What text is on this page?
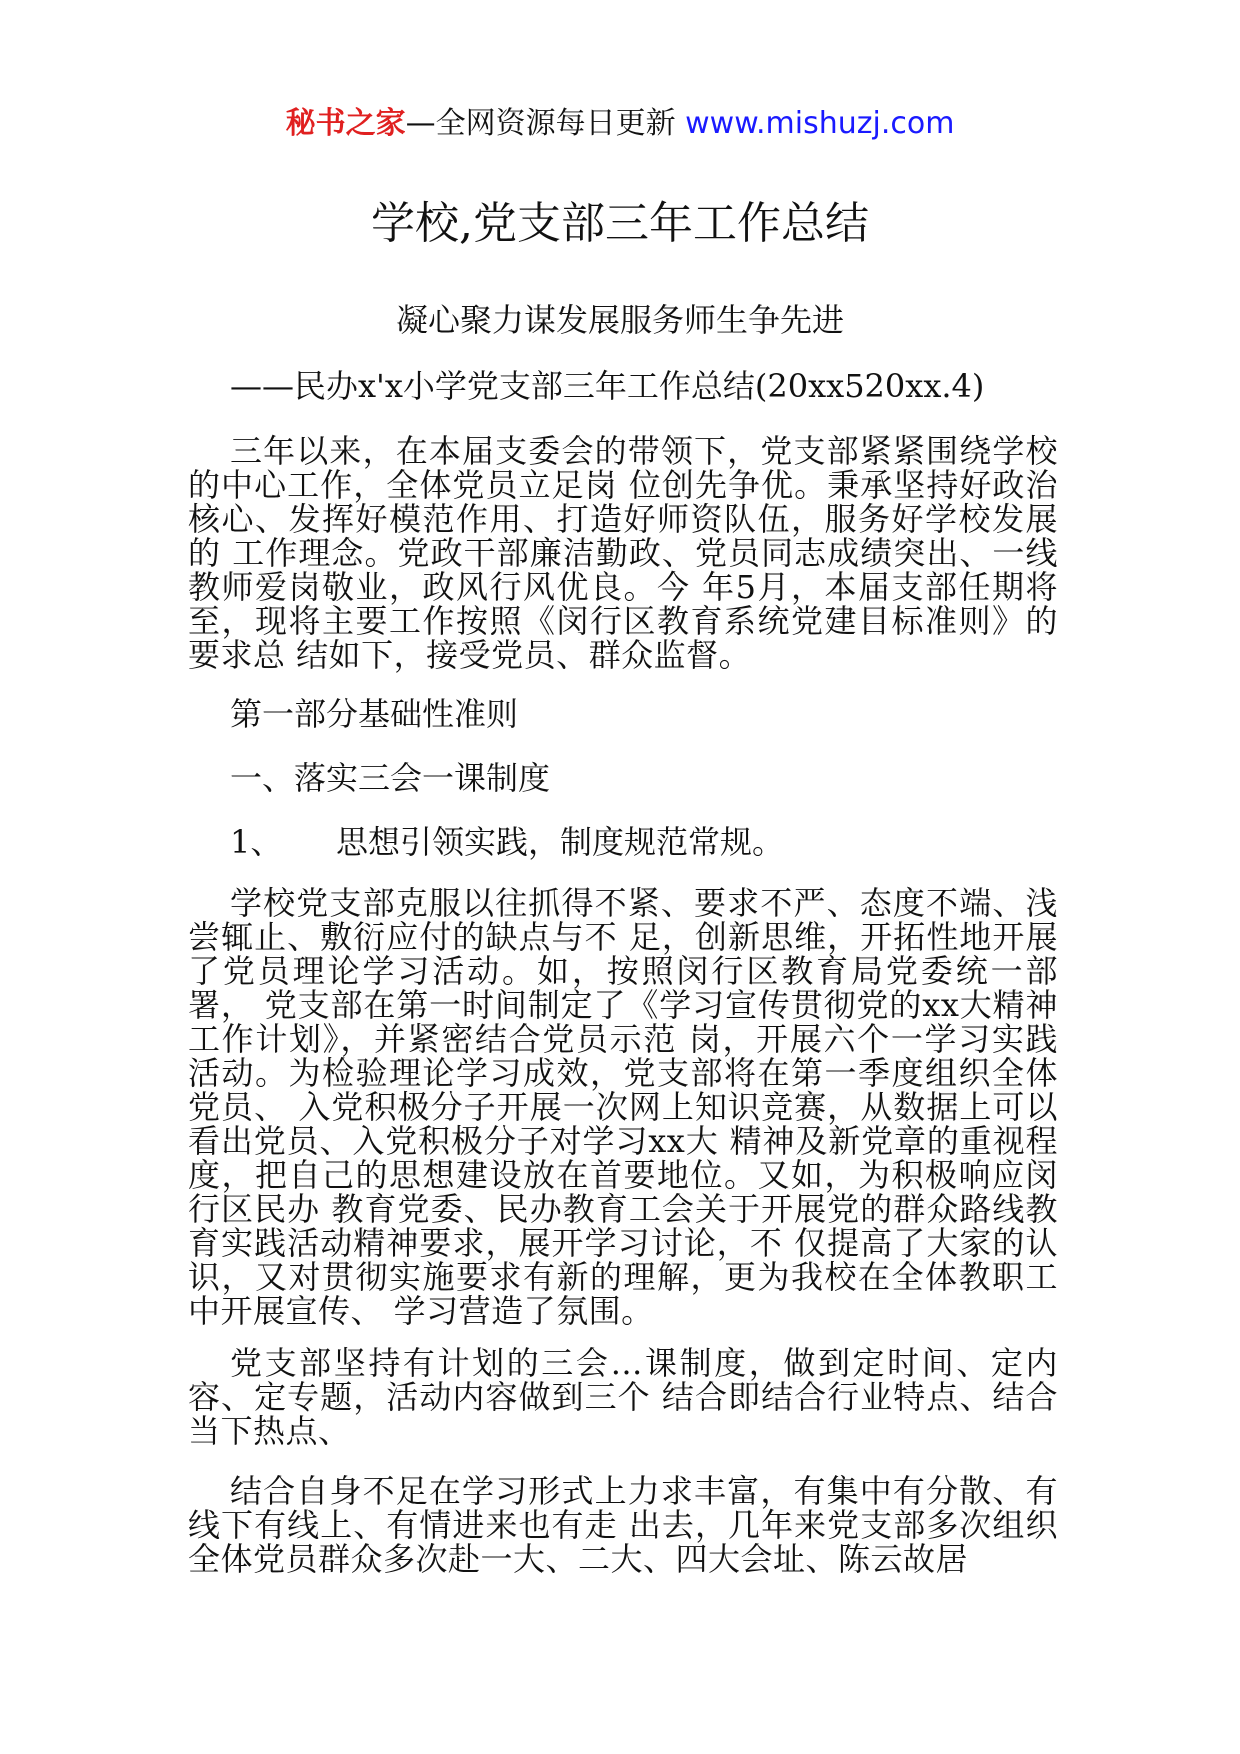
秘书之家—全网资源每日更新 www.mishuzj.com
学校,党支部三年工作总结
凝心聚力谋发展服务师生争先进
——民办x'x小学党支部三年工作总结(20xx520xx.4)
三年以来，在本届支委会的带领下，党支部紧紧围绕学校的中心工作，全体党员立足岗 位创先争优。秉承坚持好政治核心、发挥好模范作用、打造好师资队伍，服务好学校发展的 工作理念。党政干部廉洁勤政、党员同志成绩突出、一线教师爱岗敬业，政风行风优良。今 年5月，本届支部任期将至，现将主要工作按照《闵行区教育系统党建目标准则》的要求总 结如下，接受党员、群众监督。
第一部分基础性准则
一、落实三会一课制度
1、 思想引领实践，制度规范常规。
学校党支部克服以往抓得不紧、要求不严、态度不端、浅尝辄止、敷衍应付的缺点与不 足，创新思维，开拓性地开展了党员理论学习活动。如，按照闵行区教育局党委统一部署， 党支部在第一时间制定了《学习宣传贯彻党的xx大精神工作计划》，并紧密结合党员示范 岗，开展六个一学习实践活动。为检验理论学习成效，党支部将在第一季度组织全体党员、 入党积极分子开展一次网上知识竞赛，从数据上可以看出党员、入党积极分子对学习xx大 精神及新党章的重视程度，把自己的思想建设放在首要地位。又如，为积极响应闵行区民办 教育党委、民办教育工会关于开展党的群众路线教育实践活动精神要求，展开学习讨论，不 仅提高了大家的认识，又对贯彻实施要求有新的理解，更为我校在全体教职工中开展宣传、 学习营造了氛围。
党支部坚持有计划的三会…课制度，做到定时间、定内容、定专题，活动内容做到三个 结合即结合行业特点、结合当下热点、
结合自身不足在学习形式上力求丰富，有集中有分散、有线下有线上、有情进来也有走 出去，几年来党支部多次组织全体党员群众多次赴一大、二大、四大会址、陈云故居
